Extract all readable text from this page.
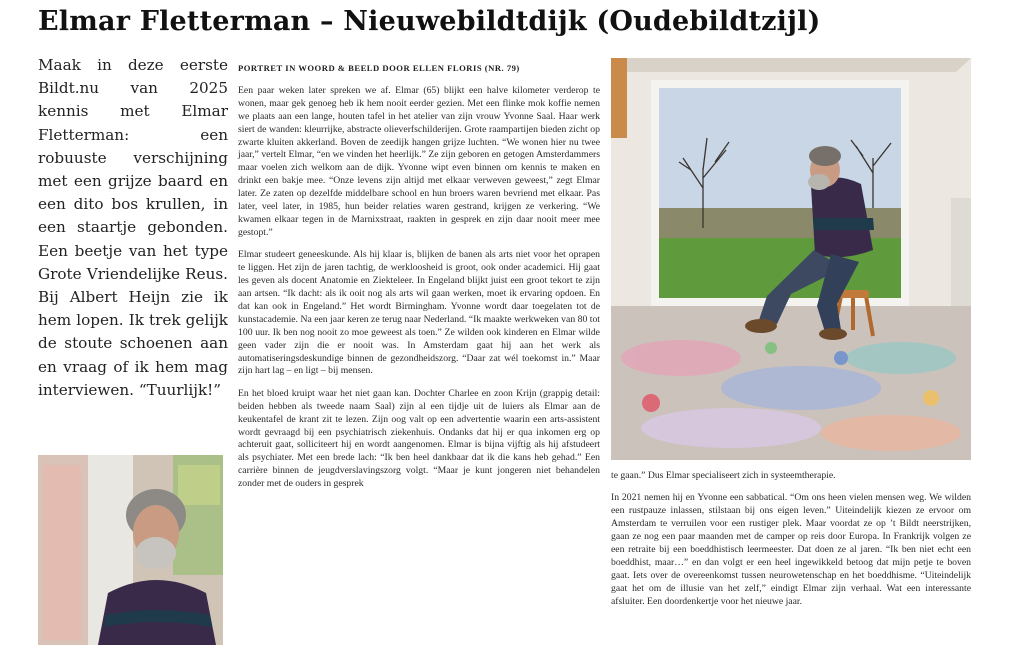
Elmar Fletterman – Nieuwebildtdijk (Oudebildtzijl)
Maak in deze eerste Bildt.nu van 2025 kennis met Elmar Fletterman: een robuuste verschijning met een grijze baard en een dito bos krullen, in een staartje gebonden. Een beetje van het type Grote Vriendelijke Reus. Bij Albert Heijn zie ik hem lopen. Ik trek gelijk de stoute schoenen aan en vraag of ik hem mag interviewen. “Tuurlijk!”
PORTRET IN WOORD & BEELD DOOR ELLEN FLORIS (NR. 79)

Een paar weken later spreken we af. Elmar (65) blijkt een halve kilometer verderop te wonen, maar gek genoeg heb ik hem nooit eerder gezien. Met een flinke mok koffie nemen we plaats aan een lange, houten tafel in het atelier van zijn vrouw Yvonne Saal. Haar werk siert de wanden: kleurrijke, abstracte olieverfschilderijen. Grote raampartijen bieden zicht op zwarte kluiten akkerland. Boven de zeedijk hangen grijze luchten. “We wonen hier nu twee jaar,” vertelt Elmar, “en we vinden het heerlijk.” Ze zijn geboren en getogen Amsterdammers maar voelen zich welkom aan de dijk. Yvonne wipt even binnen om kennis te maken en drinkt een bakje mee. “Onze levens zijn altijd met elkaar verweven geweest,” zegt Elmar later. Ze zaten op dezelfde middelbare school en hun broers waren bevriend met elkaar. Pas later, veel later, in 1985, hun beider relaties waren gestrand, krijgen ze verkering. “We kwamen elkaar tegen in de Marnixstraat, raakten in gesprek en zijn daar nooit meer mee gestopt.”

Elmar studeert geneeskunde. Als hij klaar is, blijken de banen als arts niet voor het oprapen te liggen. Het zijn de jaren tachtig, de werkloosheid is groot, ook onder academici. Hij gaat les geven als docent Anatomie en Ziekteleer. In Engeland blijkt juist een groot tekort te zijn aan artsen. “Ik dacht: als ik ooit nog als arts wil gaan werken, moet ik ervaring opdoen. En dat kan ook in Engeland.” Het wordt Birmingham. Yvonne wordt daar toegelaten tot de kunstacademie. Na een jaar keren ze terug naar Nederland. “Ik maakte werkweken van 80 tot 100 uur. Ik ben nog nooit zo moe geweest als toen.” Ze wilden ook kinderen en Elmar wilde geen vader zijn die er nooit was. In Amsterdam gaat hij aan het werk als automatiseringsdeskundige binnen de gezondheidszorg. “Daar zat wél toekomst in.” Maar zijn hart lag – en ligt – bij mensen.

En het bloed kruipt waar het niet gaan kan. Dochter Charlee en zoon Krijn (grappig detail: beiden hebben als tweede naam Saal) zijn al een tijdje uit de luiers als Elmar aan de keukentafel de krant zit te lezen. Zijn oog valt op een advertentie waarin een arts-assistent wordt gevraagd bij een psychiatrisch ziekenhuis. Ondanks dat hij er qua inkomen erg op achteruit gaat, solliciteert hij en wordt aangenomen. Elmar is bijna vijftig als hij afstudeert als psychiater. Met een brede lach: “Ik ben heel dankbaar dat ik die kans heb gehad.” Een carrière binnen de jeugdverslavingszorg volgt. “Maar je kunt jongeren niet behandelen zonder met de ouders in gesprek

te gaan.” Dus Elmar specialiseert zich in systeemtherapie.

In 2021 nemen hij en Yvonne een sabbatical. “Om ons heen vielen mensen weg. We wilden een rustpauze inlassen, stilstaan bij ons eigen leven.” Uiteindelijk kiezen ze ervoor om Amsterdam te verruilen voor een rustiger plek. Maar voordat ze op ’t Bildt neerstrijken, gaan ze nog een paar maanden met de camper op reis door Europa. In Frankrijk volgen ze een retraite bij een boeddhistisch leermeester. Dat doen ze al jaren. “Ik ben niet echt een boeddhist, maar…” en dan volgt er een heel ingewikkeld betoog dat mijn petje te boven gaat. Iets over de overeenkomst tussen neurowetenschap en het boeddhisme. “Uiteindelijk gaat het om de illusie van het zelf,” eindigt Elmar zijn verhaal. Wat een interessante afsluiter. Een doordenkertje voor het nieuwe jaar.
